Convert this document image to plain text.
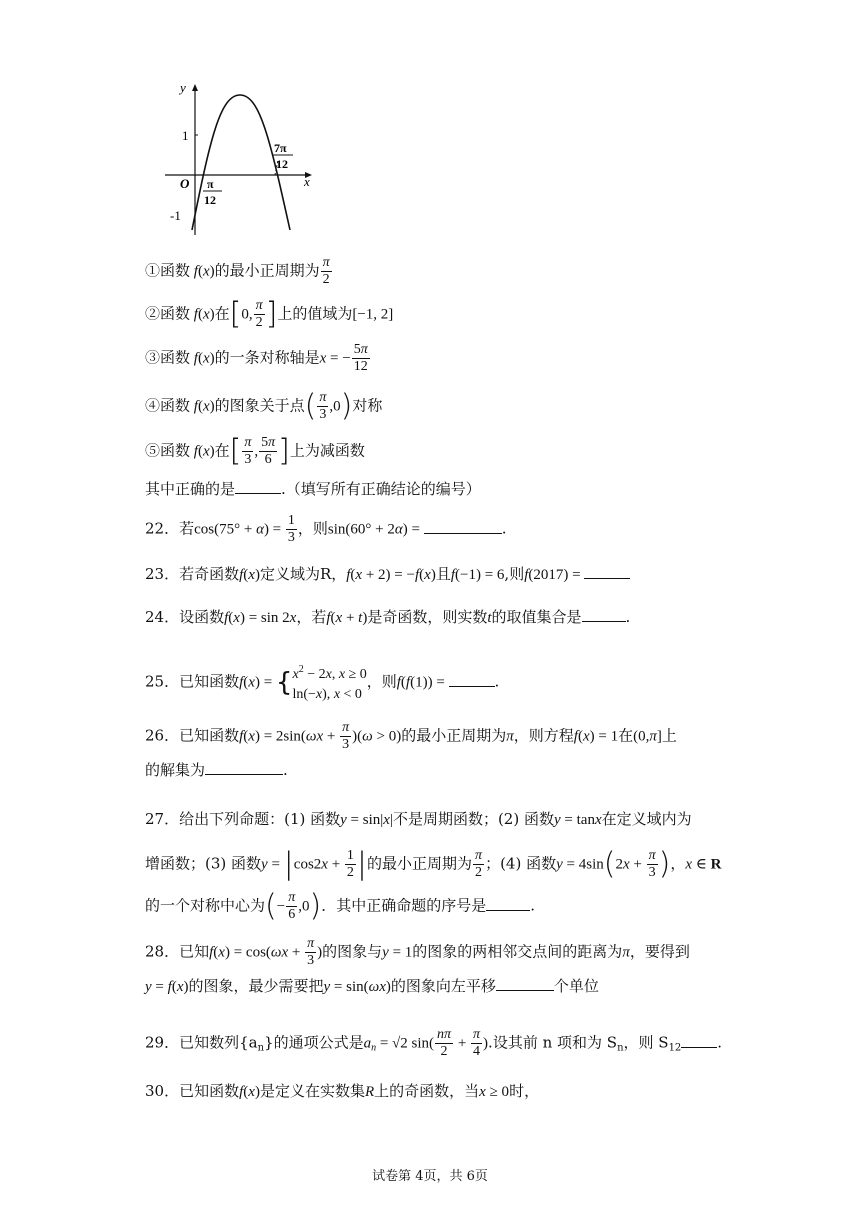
y
x
O
1
-1
π
12
7π
12
①函数 f(x)的最小正周期为 $\frac{\pi}{2}$
②函数 f(x)在[0, $\frac{\pi}{2}$ ]上的值域为[−1, 2]
③函数 f(x)的一条对称轴是x = − $\frac{5\pi}{12}$
④函数 f(x)的图象关于点( $\frac{\pi}{3} ,0$)对称
⑤函数 f(x)在[ $\frac{\pi}{3}$ , $\frac{5\pi}{6}$ ]上为减函数
其中正确的是	.（填写所有正确结论的编号）
22．若$\cos(75^\circ + \alpha) = \frac{1}{3}$ ，则sin(60° + 2α) =	.
23．若奇函数f(x)定义域为R，f(x + 2) = −f(x)且f(−1) = 6,则f(2017) =
24．设函数f(x) = sin 2x，若f(x + t)是奇函数，则实数t的取值集合是	.
25．已知函数$f(x) = \{x^2 - 2x$, x ≥ 0
ln(−x), x < 0，则f(f(1)) =	.
26．已知函数$f(x) = 2\sin(\omega x + \frac{\pi}{3} )(\omega > 0)$的最小正周期为π，则方程f(x) = 1在(0,π]上
的解集为	.
27．给出下列命题：(1) 函数y = sin|x|不是周期函数；(2) 函数y = tanx在定义域内为
增函数；(3) 函数$y = |\cos 2x + \frac{1}{2}$ |的最小正周期为 $\frac{\pi}{2}$ ；(4) 函数$y = 4\sin(2x + \frac{\pi}{3}$ )，x ∈ R
的一个对称中心为(− $\frac{\pi}{6} ,0$)．其中正确命题的序号是	.
28．已知$f(x) = \cos(\omega x + \frac{\pi}{3}$ )的图象与y = 1的图象的两相邻交点间的距离为π，要得到
y = f(x)的图象，最少需要把y = sin(ωx)的图象向左平移	个单位
29．已知数列$\{a_n\}$的通项公式是$a_n = √2$ $\sin( \frac{n\pi}{2} + \frac{\pi}{4}$ ).设其前 n 项和为 $S_n$，则 $S_{12}$ .
30．已知函数f(x)是定义在实数集R上的奇函数，当x ≥ 0时，
试卷第 4页，共 6页
